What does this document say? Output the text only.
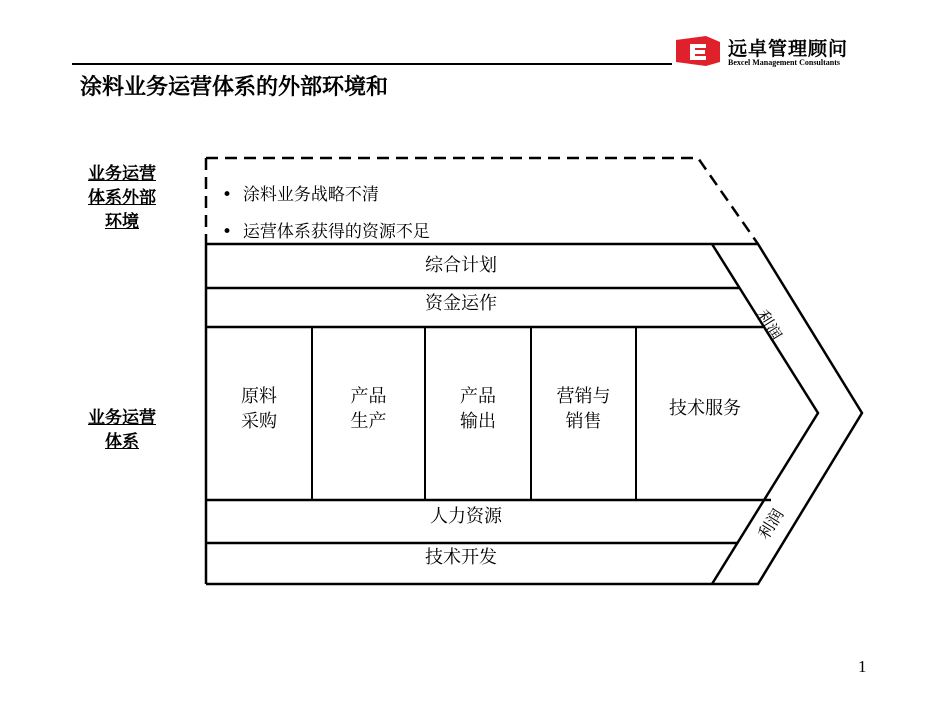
远卓管理顾问
Bexcel Management Consultants
涂料业务运营体系的外部环境和
业务运营
体系外部
环境
业务运营
体系
•  涂料业务战略不清
•  运营体系获得的资源不足
综合计划
资金运作
原料
采购
产品
生产
产品
输出
营销与
销售
技术服务
人力资源
技术开发
利润
利润
1
